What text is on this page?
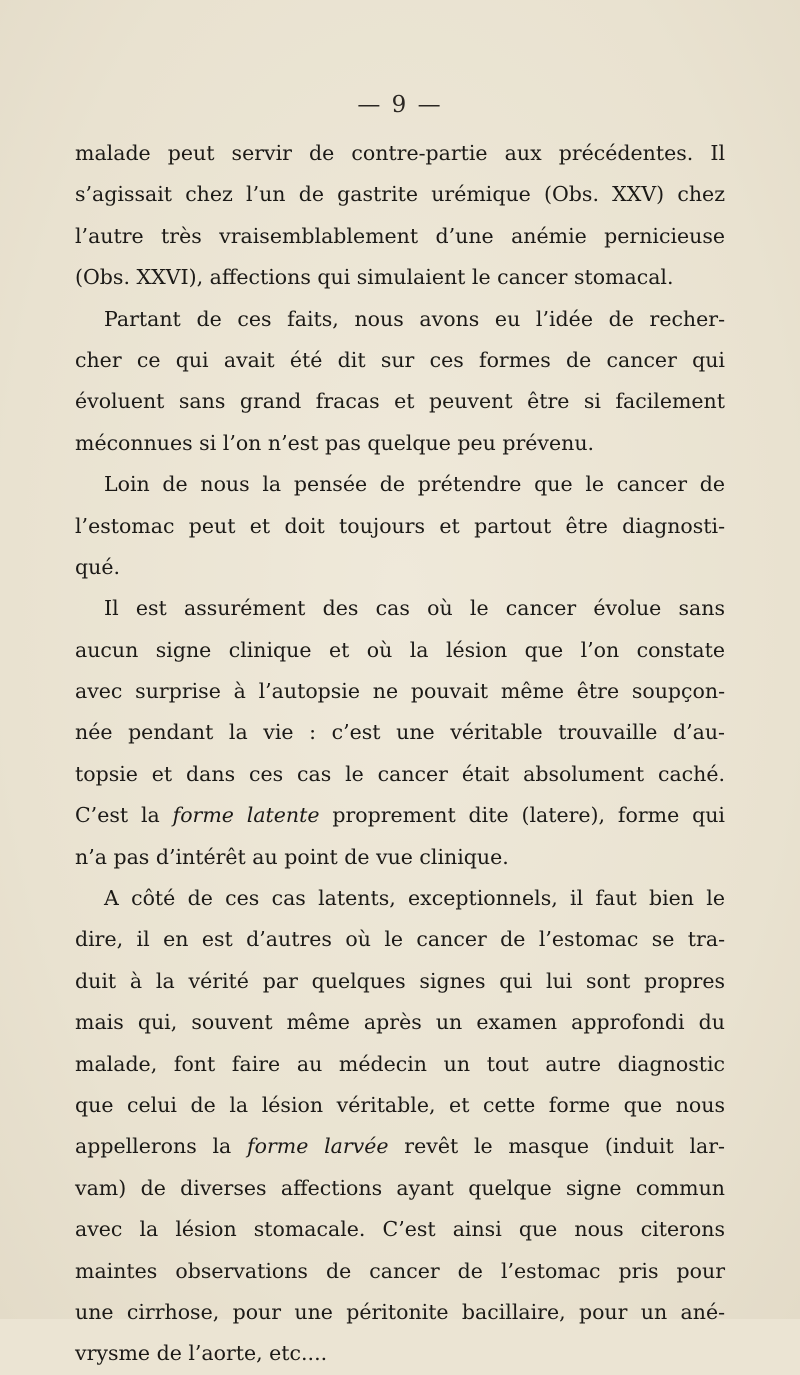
— 9 —
malade peut servir de contre-partie aux précédentes. Il
s’agissait chez l’un de gastrite urémique (Obs. XXV) chez
l’autre très vraisemblablement d’une anémie pernicieuse
(Obs. XXVI), affections qui simulaient le cancer stomacal.
Partant de ces faits, nous avons eu l’idée de recher-
cher ce qui avait été dit sur ces formes de cancer qui
évoluent sans grand fracas et peuvent être si facilement
méconnues si l’on n’est pas quelque peu prévenu.
Loin de nous la pensée de prétendre que le cancer de
l’estomac peut et doit toujours et partout être diagnosti-
qué.
Il est assurément des cas où le cancer évolue sans
aucun signe clinique et où la lésion que l’on constate
avec surprise à l’autopsie ne pouvait même être soupçon-
née pendant la vie : c’est une véritable trouvaille d’au-
topsie et dans ces cas le cancer était absolument caché.
C’est la forme latente proprement dite (latere), forme qui
n’a pas d’intérêt au point de vue clinique.
A côté de ces cas latents, exceptionnels, il faut bien le
dire, il en est d’autres où le cancer de l’estomac se tra-
duit à la vérité par quelques signes qui lui sont propres
mais qui, souvent même après un examen approfondi du
malade, font faire au médecin un tout autre diagnostic
que celui de la lésion véritable, et cette forme que nous
appellerons la forme larvée revêt le masque (induit lar-
vam) de diverses affections ayant quelque signe commun
avec la lésion stomacale. C’est ainsi que nous citerons
maintes observations de cancer de l’estomac pris pour
une cirrhose, pour une péritonite bacillaire, pour un ané-
vrysme de l’aorte, etc....
